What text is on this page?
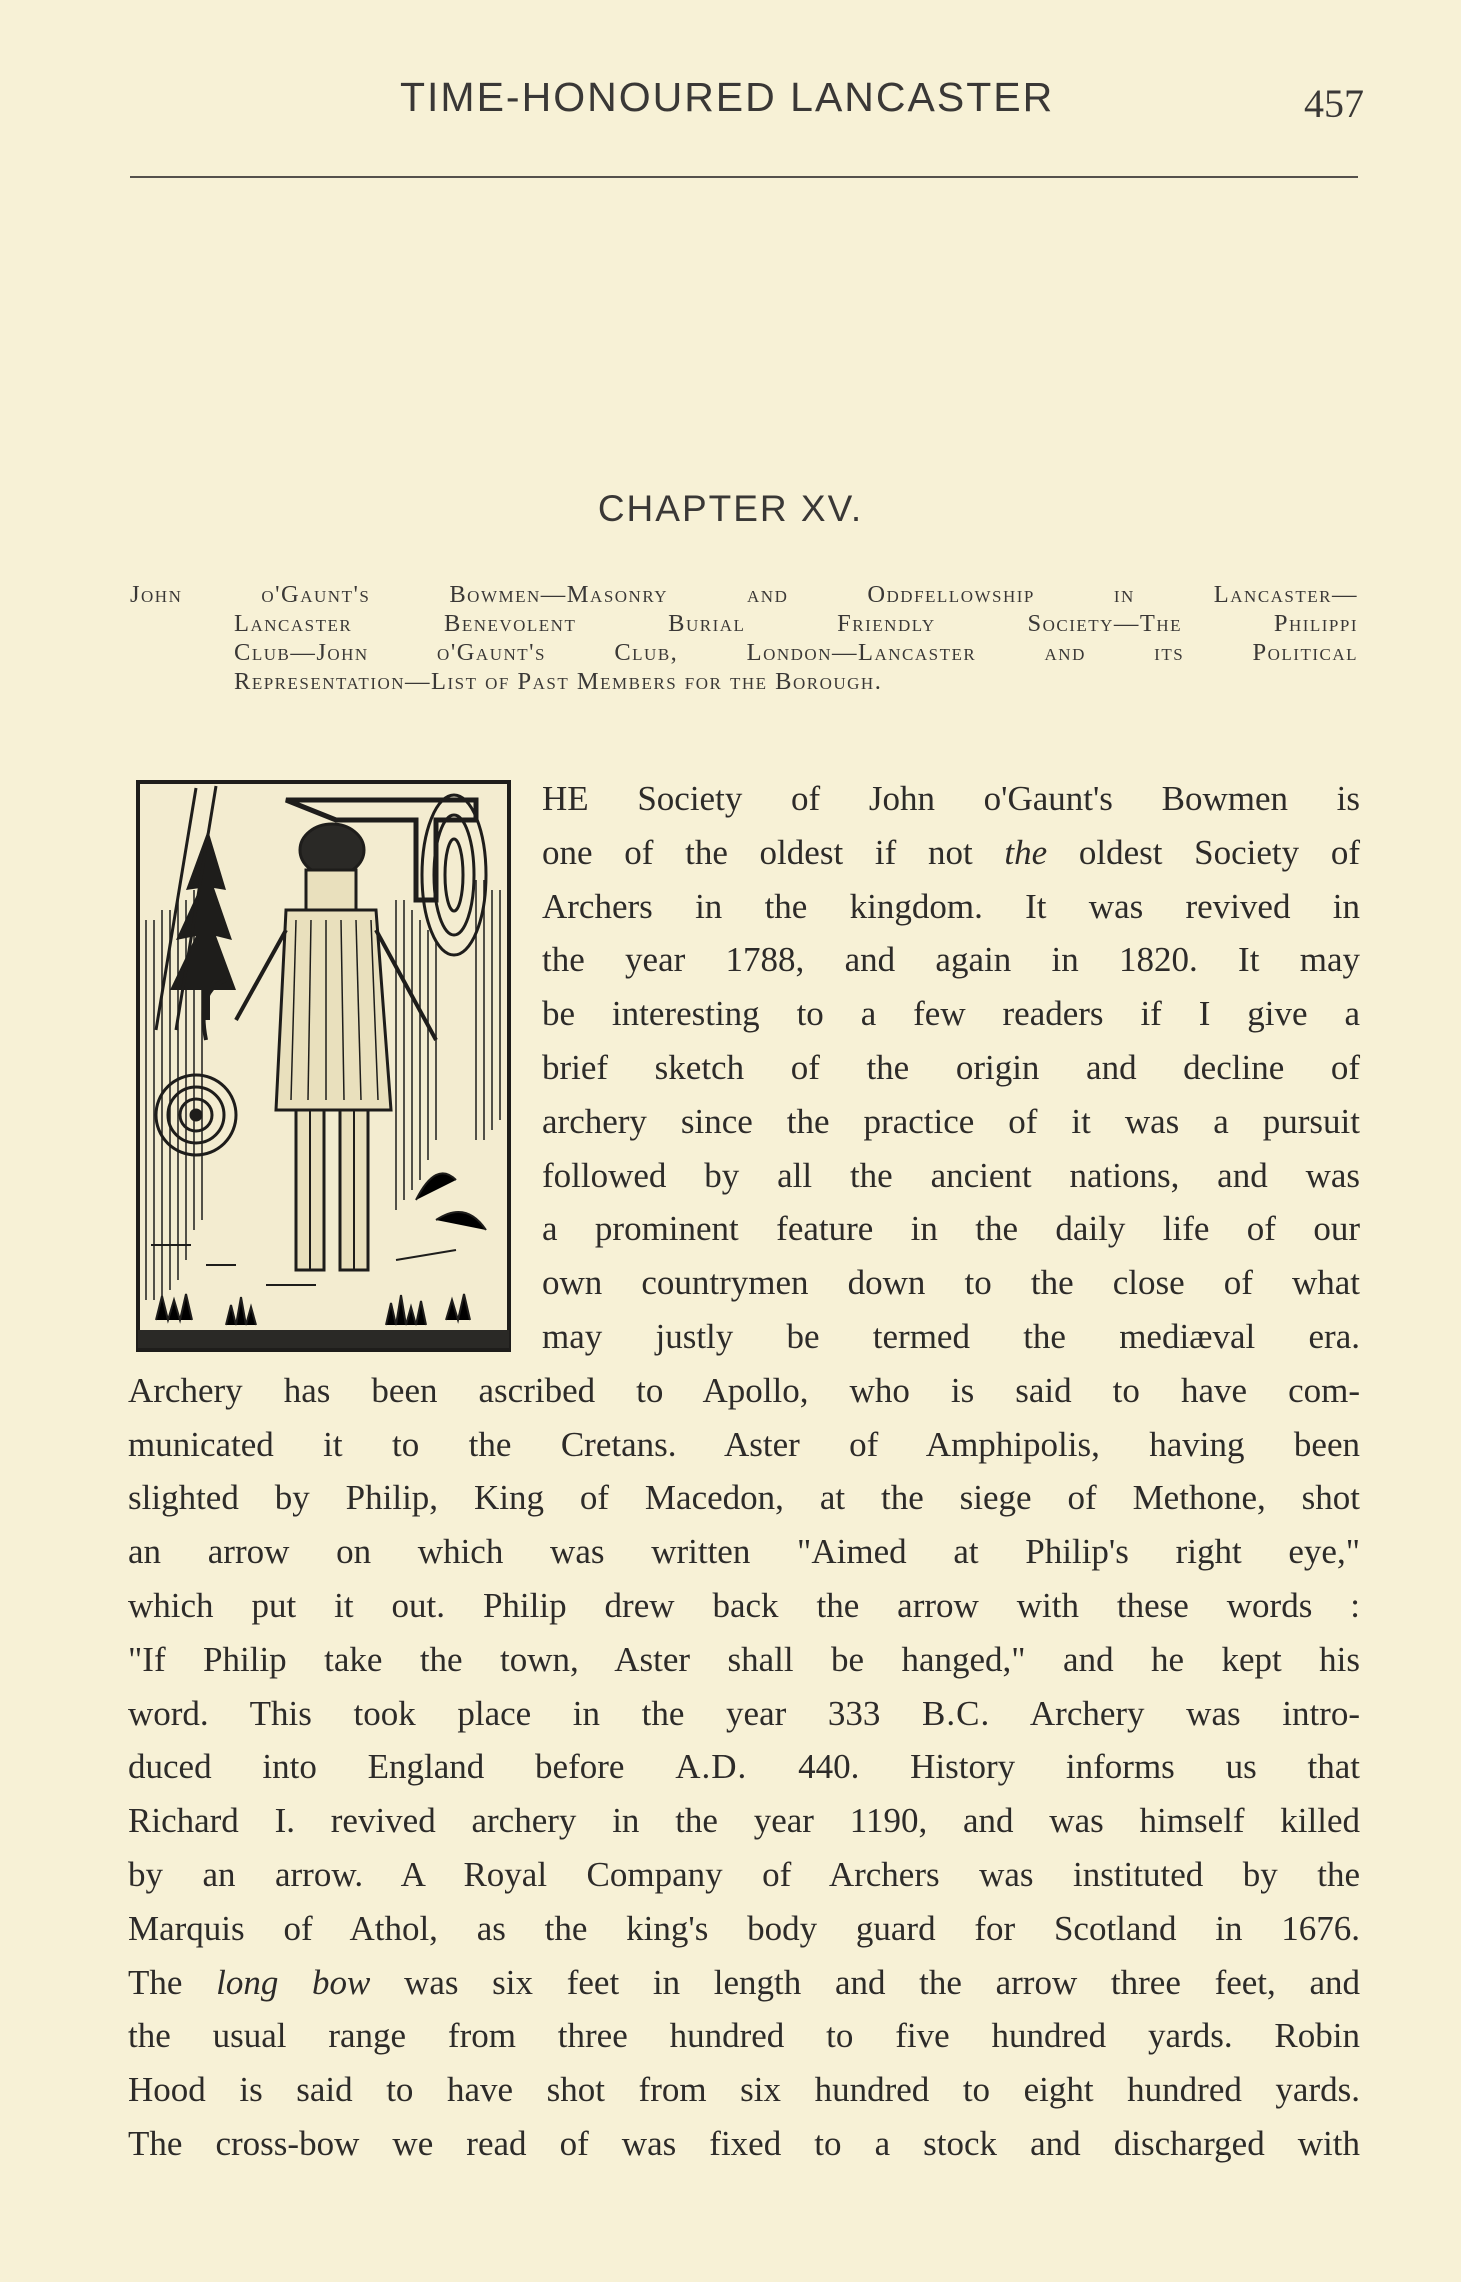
TIME-HONOURED LANCASTER	457
CHAPTER XV.
John o'Gaunt's Bowmen—Masonry and Oddfellowship in Lancaster—
Lancaster Benevolent Burial Friendly Society—The Philippi
Club—John o'Gaunt's Club, London—Lancaster and its Political
Representation—List of Past Members for the Borough.
HE Society of John o'Gaunt's Bowmen is
one of the oldest if not the oldest Society of
Archers in the kingdom. It was revived in
the year 1788, and again in 1820. It may
be interesting to a few readers if I give a
brief sketch of the origin and decline of
archery since the practice of it was a pursuit
followed by all the ancient nations, and was
a prominent feature in the daily life of our
own countrymen down to the close of what
may justly be termed the mediæval era.
Archery has been ascribed to Apollo, who is said to have com-
municated it to the Cretans. Aster of Amphipolis, having been
slighted by Philip, King of Macedon, at the siege of Methone, shot
an arrow on which was written "Aimed at Philip's right eye,"
which put it out. Philip drew back the arrow with these words :
"If Philip take the town, Aster shall be hanged," and he kept his
word. This took place in the year 333 B.C. Archery was intro-
duced into England before A.D. 440. History informs us that
Richard I. revived archery in the year 1190, and was himself killed
by an arrow. A Royal Company of Archers was instituted by the
Marquis of Athol, as the king's body guard for Scotland in 1676.
The long bow was six feet in length and the arrow three feet, and
the usual range from three hundred to five hundred yards. Robin
Hood is said to have shot from six hundred to eight hundred yards.
The cross-bow we read of was fixed to a stock and discharged with
